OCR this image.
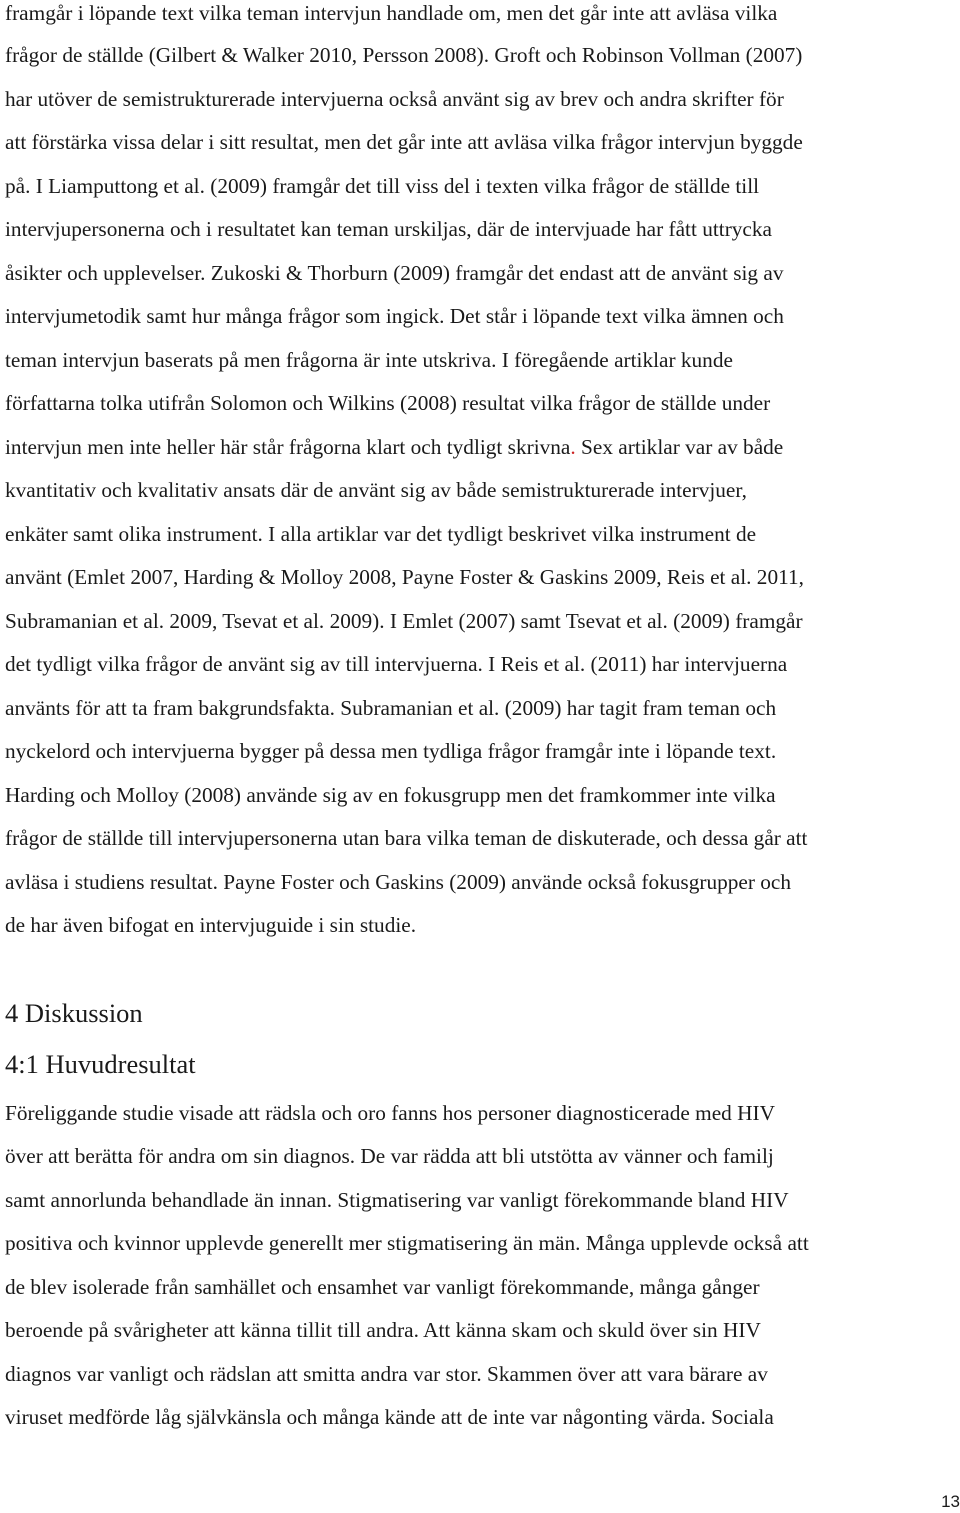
framgår i löpande text vilka teman intervjun handlade om, men det går inte att avläsa vilka
frågor de ställde (Gilbert & Walker 2010, Persson 2008). Groft och Robinson Vollman (2007)
har utöver de semistrukturerade intervjuerna också använt sig av brev och andra skrifter för
att förstärka vissa delar i sitt resultat, men det går inte att avläsa vilka frågor intervjun byggde
på. I Liamputtong et al. (2009) framgår det till viss del i texten vilka frågor de ställde till
intervjupersonerna och i resultatet kan teman urskiljas, där de intervjuade har fått uttrycka
åsikter och upplevelser. Zukoski & Thorburn (2009) framgår det endast att de använt sig av
intervjumetodik samt hur många frågor som ingick. Det står i löpande text vilka ämnen och
teman intervjun baserats på men frågorna är inte utskriva. I föregående artiklar kunde
författarna tolka utifrån Solomon och Wilkins (2008) resultat vilka frågor de ställde under
intervjun men inte heller här står frågorna klart och tydligt skrivna. Sex artiklar var av både
kvantitativ och kvalitativ ansats där de använt sig av både semistrukturerade intervjuer,
enkäter samt olika instrument. I alla artiklar var det tydligt beskrivet vilka instrument de
använt (Emlet 2007, Harding & Molloy 2008, Payne Foster & Gaskins 2009, Reis et al. 2011,
Subramanian et al. 2009, Tsevat et al. 2009). I Emlet (2007) samt Tsevat et al. (2009) framgår
det tydligt vilka frågor de använt sig av till intervjuerna. I Reis et al. (2011) har intervjuerna
använts för att ta fram bakgrundsfakta. Subramanian et al. (2009) har tagit fram teman och
nyckelord och intervjuerna bygger på dessa men tydliga frågor framgår inte i löpande text.
Harding och Molloy (2008) använde sig av en fokusgrupp men det framkommer inte vilka
frågor de ställde till intervjupersonerna utan bara vilka teman de diskuterade, och dessa går att
avläsa i studiens resultat. Payne Foster och Gaskins (2009) använde också fokusgrupper och
de har även bifogat en intervjuguide i sin studie.
4 Diskussion
4:1 Huvudresultat
Föreliggande studie visade att rädsla och oro fanns hos personer diagnosticerade med HIV
över att berätta för andra om sin diagnos. De var rädda att bli utstötta av vänner och familj
samt annorlunda behandlade än innan. Stigmatisering var vanligt förekommande bland HIV
positiva och kvinnor upplevde generellt mer stigmatisering än män. Många upplevde också att
de blev isolerade från samhället och ensamhet var vanligt förekommande, många gånger
beroende på svårigheter att känna tillit till andra. Att känna skam och skuld över sin HIV
diagnos var vanligt och rädslan att smitta andra var stor. Skammen över att vara bärare av
viruset medförde låg självkänsla och många kände att de inte var någonting värda. Sociala
13
